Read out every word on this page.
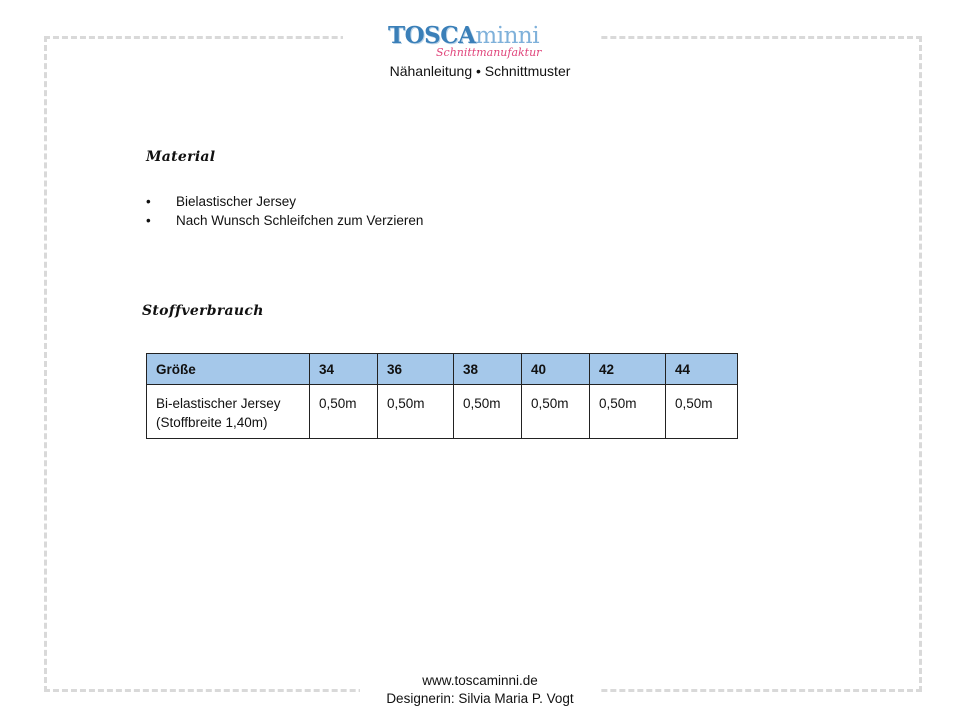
TOSCAminni
Schnittmanufaktur
Nähanleitung • Schnittmuster
Material
• Bielastischer Jersey
• Nach Wunsch Schleifchen zum Verzieren
Stoffverbrauch
Größe	34	36	38	40	42	44

Bi-elastischer Jersey
(Stoffbreite 1,40m)	0,50m	0,50m	0,50m	0,50m	0,50m	0,50m
www.toscaminni.de
Designerin: Silvia Maria P. Vogt
